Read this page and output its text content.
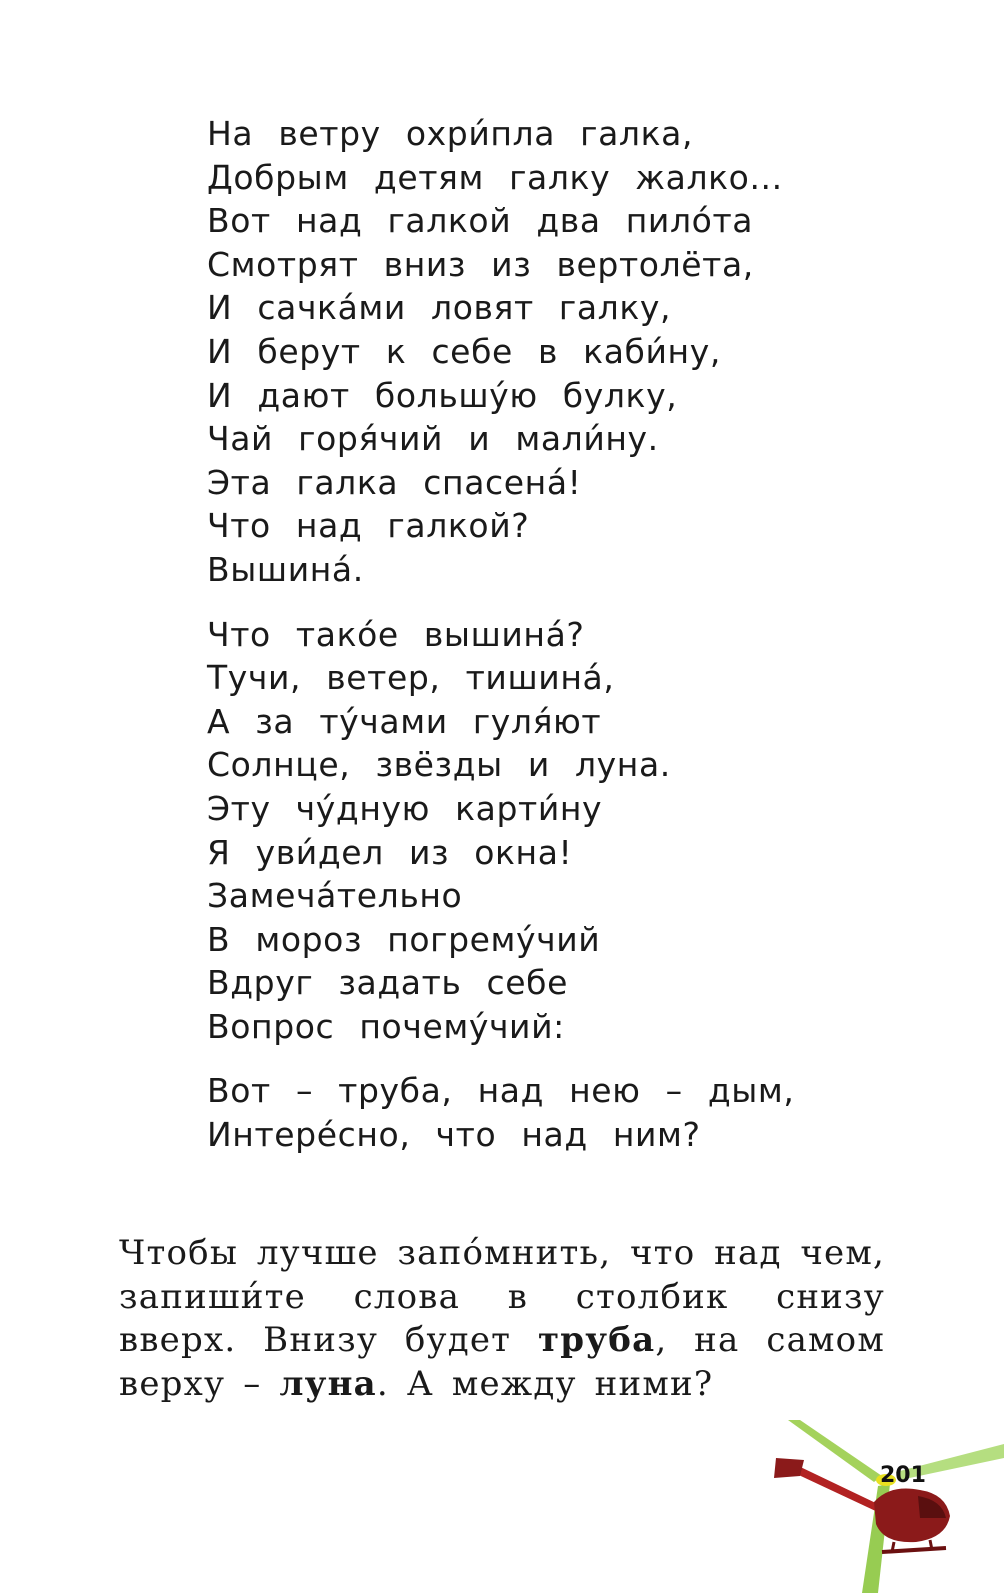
На ветру охри́пла галка,
Добрым детям галку жалко...
Вот над галкой два пило́та
Смотрят вниз из вертолёта,
И сачка́ми ловят галку,
И берут к себе в каби́ну,
И дают большу́ю булку,
Чай горя́чий и мали́ну.
Эта галка спасена́!
Что над галкой?
Вышина́.
Что тако́е вышина́?
Тучи, ветер, тишина́,
А за ту́чами гуля́ют
Солнце, звёзды и луна.
Эту чу́дную карти́ну
Я уви́дел из окна!
Замеча́тельно
В мороз погрему́чий
Вдруг задать себе
Вопрос почему́чий:
Вот – труба, над нею – дым,
Интере́сно, что над ним?

Чтобы лучше запо́мнить, что над чем, запиши́те слова в столбик снизу вверх. Внизу будет труба, на самом верху – луна. А между ними?

201
